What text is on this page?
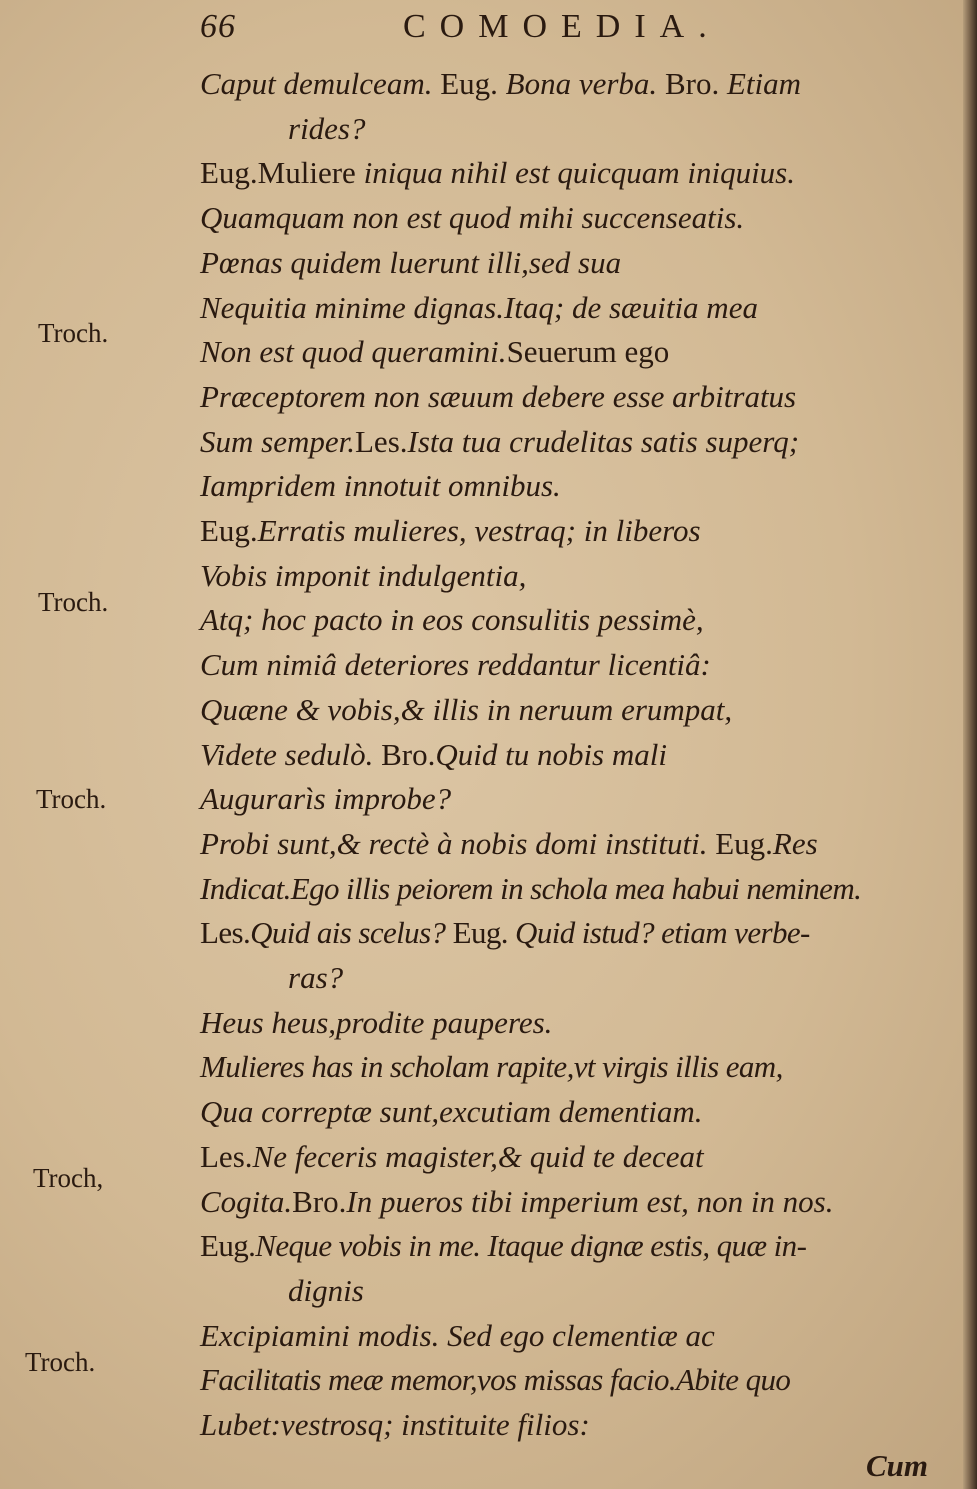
66	COMOEDIA.
Caput demulceam. Eug. Bona verba. Bro. Etiam
rides?
Eug.Muliere iniqua nihil est quicquam iniquius.
Quamquam non est quod mihi succenseatis.
Pœnas quidem luerunt illi,sed sua
Nequitia minime dignas.Itaq; de sæuitia mea
Non est quod queramini.Seuerum ego
Præceptorem non sæuum debere esse arbitratus
Sum semper.Les.Ista tua crudelitas satis superq;
Iampridem innotuit omnibus.
Eug.Erratis mulieres, vestraq; in liberos
Vobis imponit indulgentia,
Atq; hoc pacto in eos consulitis pessimè,
Cum nimiâ deteriores reddantur licentiâ:
Quæne & vobis,& illis in neruum erumpat,
Videte sedulò. Bro.Quid tu nobis mali
Augurarìs improbe?
Probi sunt,& rectè à nobis domi instituti. Eug.Res
Indicat.Ego illis peiorem in schola mea habui neminem.
Les.Quid ais scelus? Eug. Quid istud? etiam verbe-
ras?
Heus heus,prodite pauperes.
Mulieres has in scholam rapite,vt virgis illis eam,
Qua correptæ sunt,excutiam dementiam.
Les.Ne feceris magister,& quid te deceat
Cogita.Bro.In pueros tibi imperium est, non in nos.
Eug.Neque vobis in me. Itaque dignæ estis, quæ in-
dignis
Excipiamini modis. Sed ego clementiæ ac
Facilitatis meæ memor,vos missas facio.Abite quo
Lubet:vestrosq; instituite filios:
Troch.
Troch.
Troch.
Troch,
Troch.
Cum
